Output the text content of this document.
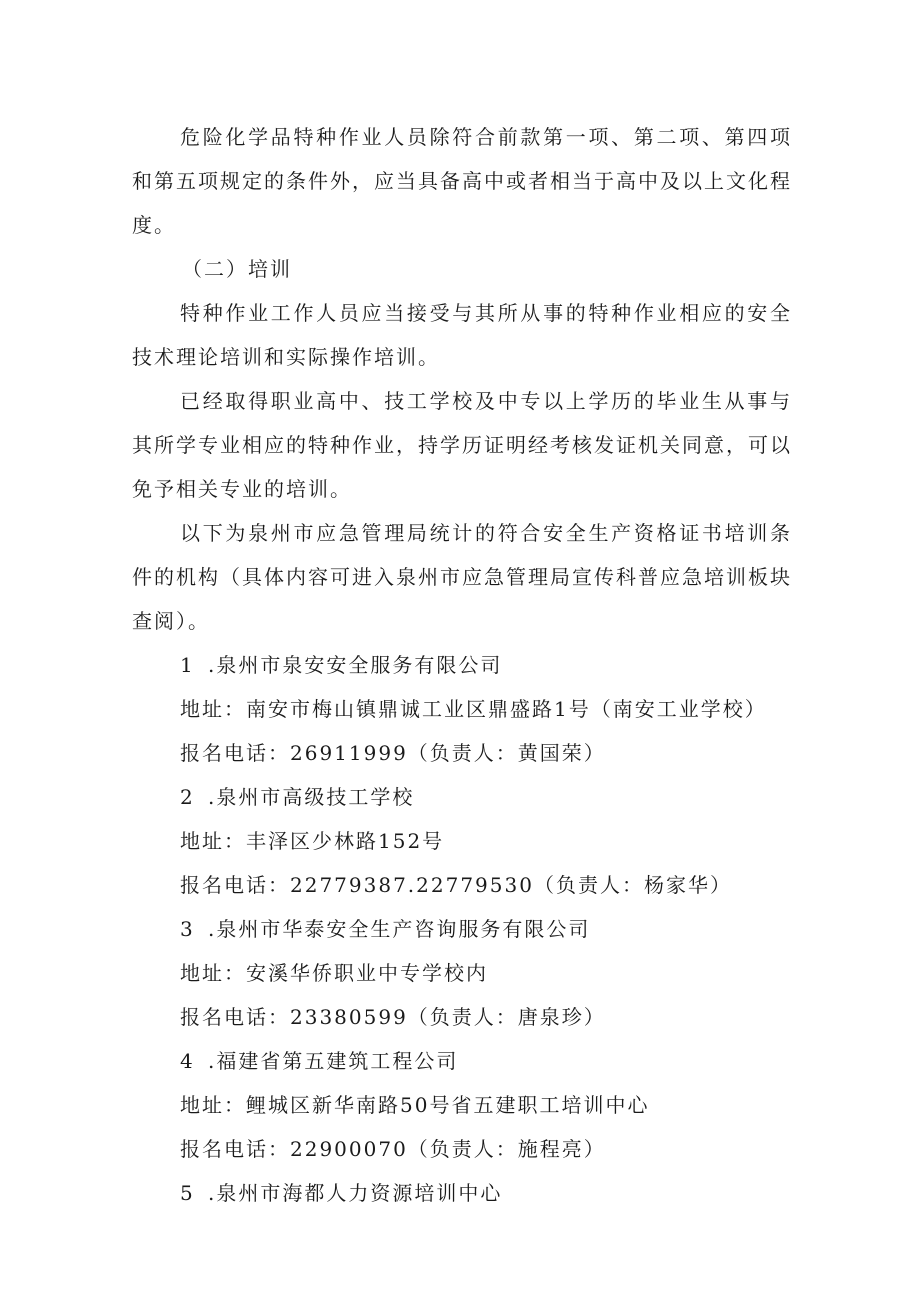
危险化学品特种作业人员除符合前款第一项、第二项、第四项和第五项规定的条件外，应当具备高中或者相当于高中及以上文化程度。

（二）培训

特种作业工作人员应当接受与其所从事的特种作业相应的安全技术理论培训和实际操作培训。

已经取得职业高中、技工学校及中专以上学历的毕业生从事与其所学专业相应的特种作业，持学历证明经考核发证机关同意，可以免予相关专业的培训。

以下为泉州市应急管理局统计的符合安全生产资格证书培训条件的机构（具体内容可进入泉州市应急管理局宣传科普应急培训板块查阅）。

1 .泉州市泉安安全服务有限公司

地址：南安市梅山镇鼎诚工业区鼎盛路1号（南安工业学校）

报名电话：26911999（负责人：黄国荣）

2 .泉州市高级技工学校

地址：丰泽区少林路152号

报名电话：22779387.22779530（负责人：杨家华）

3 .泉州市华泰安全生产咨询服务有限公司

地址：安溪华侨职业中专学校内

报名电话：23380599（负责人：唐泉珍）

4 .福建省第五建筑工程公司

地址：鲤城区新华南路50号省五建职工培训中心

报名电话：22900070（负责人：施程亮）

5 .泉州市海都人力资源培训中心
